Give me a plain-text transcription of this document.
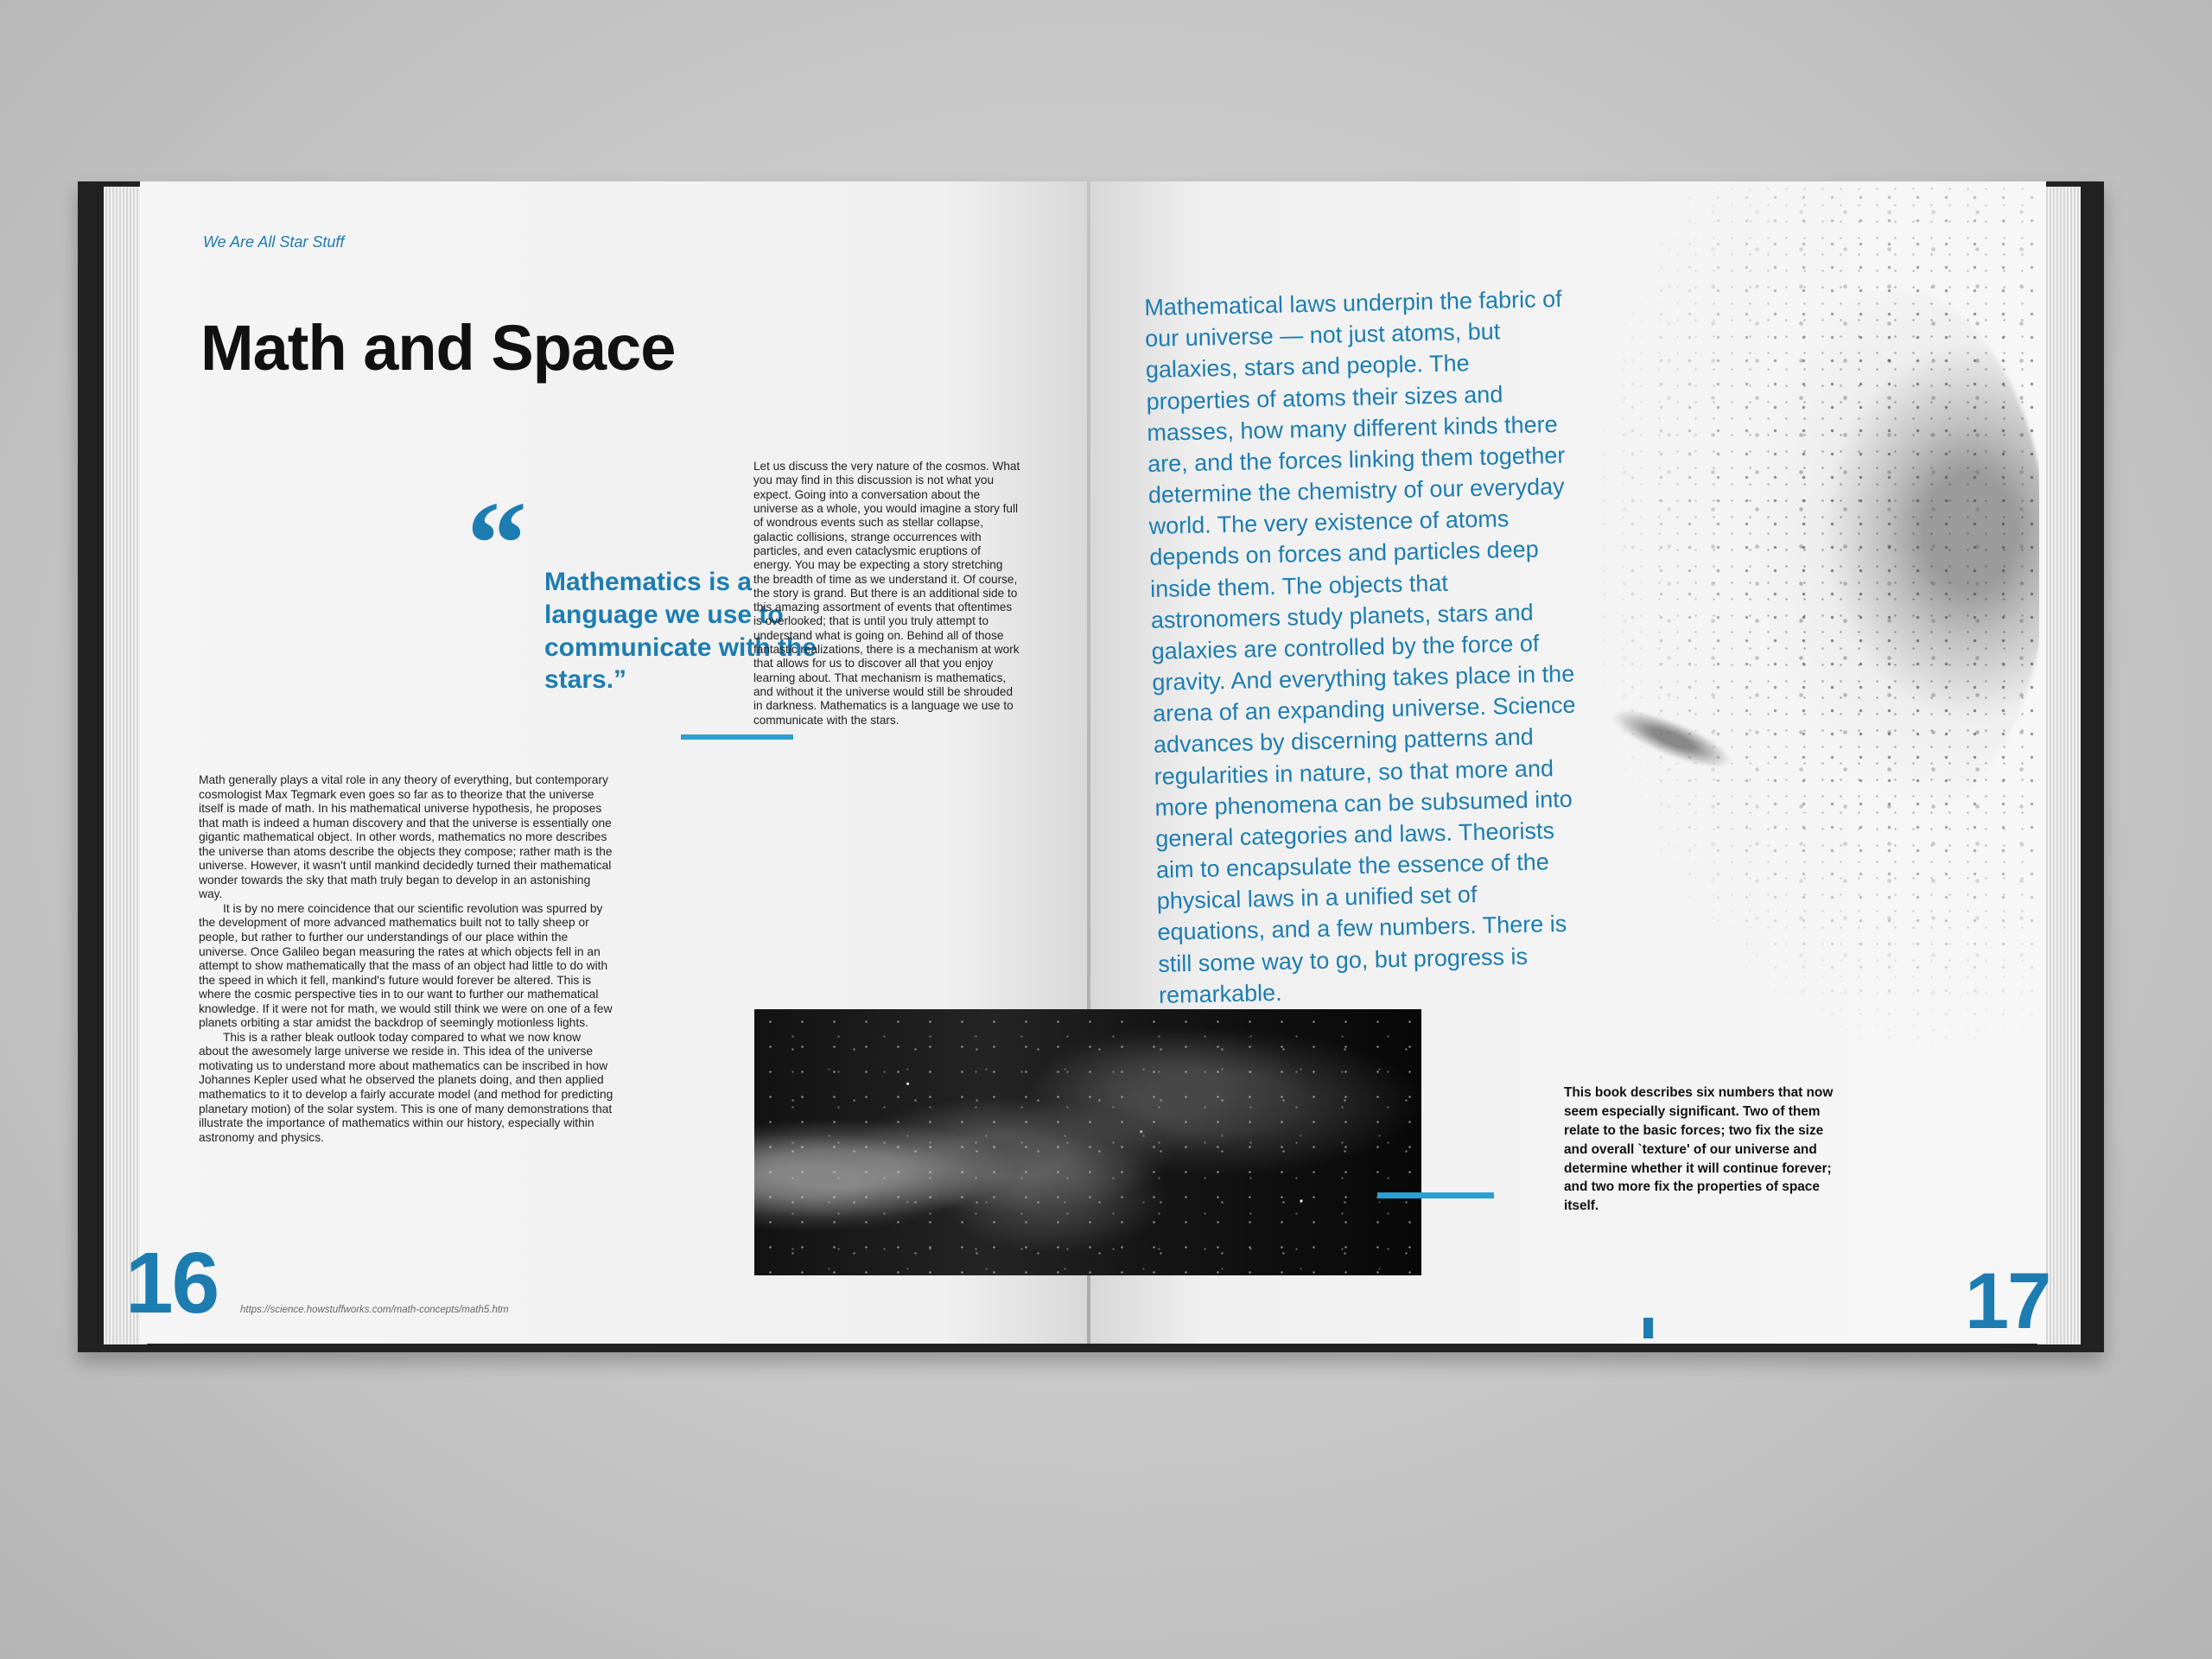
We Are All Star Stuff
Math and Space
“ Mathematics is a language we use to communicate with the stars.”
Let us discuss the very nature of the cosmos. What you may find in this discussion is not what you expect. Going into a conversation about the universe as a whole, you would imagine a story full of wondrous events such as stellar collapse, galactic collisions, strange occurrences with particles, and even cataclysmic eruptions of energy. You may be expecting a story stretching the breadth of time as we understand it. Of course, the story is grand. But there is an additional side to this amazing assortment of events that oftentimes is overlooked; that is until you truly attempt to understand what is going on. Behind all of those fantastic realizations, there is a mechanism at work that allows for us to discover all that you enjoy learning about. That mechanism is mathematics, and without it the universe would still be shrouded in darkness. Mathematics is a language we use to communicate with the stars.

Math generally plays a vital role in any theory of everything, but contemporary cosmologist Max Tegmark even goes so far as to theorize that the universe itself is made of math. In his mathematical universe hypothesis, he proposes that math is indeed a human discovery and that the universe is essentially one gigantic mathematical object. In other words, mathematics no more describes the universe than atoms describe the objects they compose; rather math is the universe. However, it wasn't until mankind decidedly turned their mathematical wonder towards the sky that math truly began to develop in an astonishing way.

It is by no mere coincidence that our scientific revolution was spurred by the development of more advanced mathematics built not to tally sheep or people, but rather to further our understandings of our place within the universe. Once Galileo began measuring the rates at which objects fell in an attempt to show mathematically that the mass of an object had little to do with the speed in which it fell, mankind's future would forever be altered. This is where the cosmic perspective ties in to our want to further our mathematical knowledge. If it were not for math, we would still think we were on one of a few planets orbiting a star amidst the backdrop of seemingly motionless lights.

This is a rather bleak outlook today compared to what we now know about the awesomely large universe we reside in. This idea of the universe motivating us to understand more about mathematics can be inscribed in how Johannes Kepler used what he observed the planets doing, and then applied mathematics to it to develop a fairly accurate model (and method for predicting planetary motion) of the solar system. This is one of many demonstrations that illustrate the importance of mathematics within our history, especially within astronomy and physics.

16 https://science.howstuffworks.com/math-concepts/math5.htm
Mathematical laws underpin the fabric of our universe — not just atoms, but galaxies, stars and people. The properties of atoms their sizes and masses, how many different kinds there are, and the forces linking them together determine the chemistry of our everyday world. The very existence of atoms depends on forces and particles deep inside them. The objects that astronomers study planets, stars and galaxies are controlled by the force of gravity. And everything takes place in the arena of an expanding universe. Science advances by discerning patterns and regularities in nature, so that more and more phenomena can be subsumed into general categories and laws. Theorists aim to encapsulate the essence of the physical laws in a unified set of equations, and a few numbers. There is still some way to go, but progress is remarkable.
This book describes six numbers that now seem especially significant. Two of them relate to the basic forces; two fix the size and overall `texture' of our universe and determine whether it will continue forever; and two more fix the properties of space itself.
17
